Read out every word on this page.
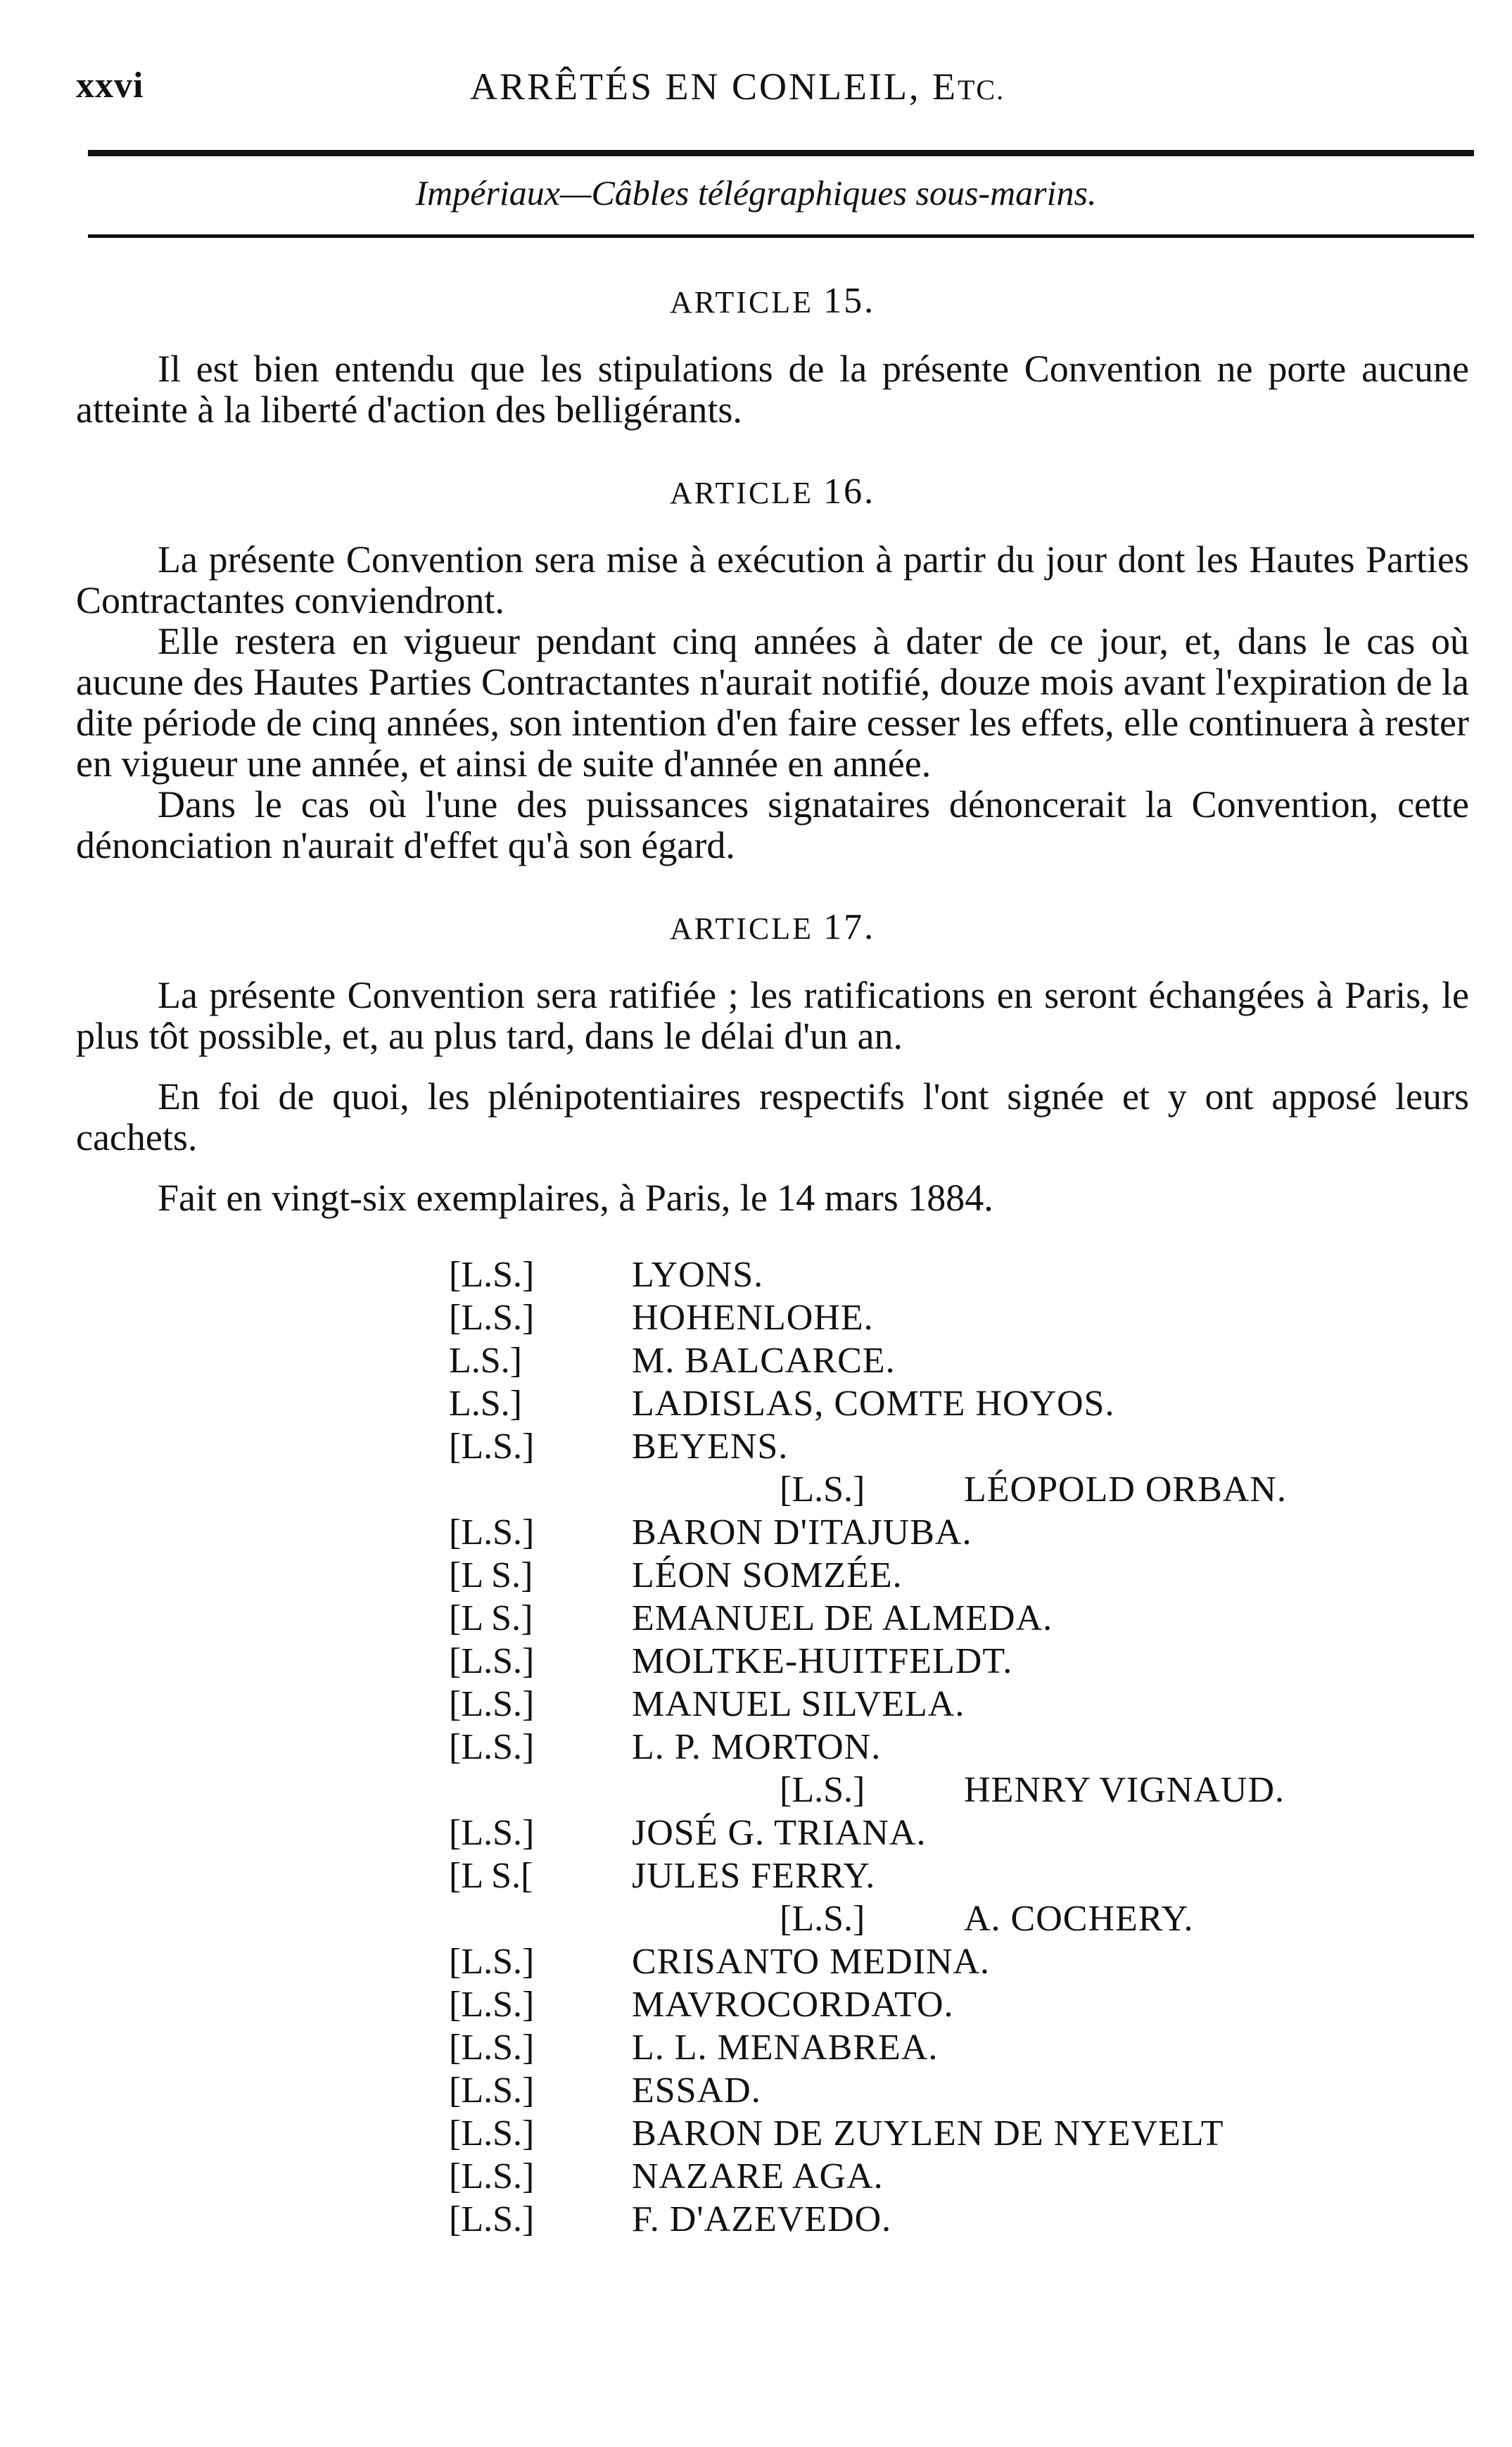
xxvi	ARRÊTÉS EN CONLEIL, ETC.
Impériaux—Câbles télégraphiques sous-marins.

ARTICLE 15.

Il est bien entendu que les stipulations de la présente Convention ne porte aucune atteinte à la liberté d'action des belligérants.

ARTICLE 16.

La présente Convention sera mise à exécution à partir du jour dont les Hautes Parties Contractantes conviendront.

Elle restera en vigueur pendant cinq années à dater de ce jour, et, dans le cas où aucune des Hautes Parties Contractantes n'aurait notifié, douze mois avant l'expiration de la dite période de cinq années, son intention d'en faire cesser les effets, elle continuera à rester en vigueur une année, et ainsi de suite d'année en année.

Dans le cas où l'une des puissances signataires dénoncerait la Convention, cette dénonciation n'aurait d'effet qu'à son égard.

ARTICLE 17.

La présente Convention sera ratifiée ; les ratifications en seront échangées à Paris, le plus tôt possible, et, au plus tard, dans le délai d'un an.

En foi de quoi, les plénipotentiaires respectifs l'ont signée et y ont apposé leurs cachets.

Fait en vingt-six exemplaires, à Paris, le 14 mars 1884.

[L.S.]	LYONS.
[L.S.]	HOHENLOHE.
L.S.]	M. BALCARCE.
L.S.]	LADISLAS, COMTE HOYOS.
[L.S.]	BEYENS.
[L.S.]	LÉOPOLD ORBAN.
[L.S.]	BARON D'ITAJUBA.
[L S.]	LÉON SOMZÉE.
[L S.]	EMANUEL DE ALMEDA.
[L.S.]	MOLTKE-HUITFELDT.
[L.S.]	MANUEL SILVELA.
[L.S.]	L. P. MORTON.
[L.S.]	HENRY VIGNAUD.
[L.S.]	JOSÉ G. TRIANA.
[L S.[	JULES FERRY.
[L.S.]	A. COCHERY.
[L.S.]	CRISANTO MEDINA.
[L.S.]	MAVROCORDATO.
[L.S.]	L. L. MENABREA.
[L.S.]	ESSAD.
[L.S.]	BARON DE ZUYLEN DE NYEVELT
[L.S.]	NAZARE AGA.
[L.S.]	F. D'AZEVEDO.
